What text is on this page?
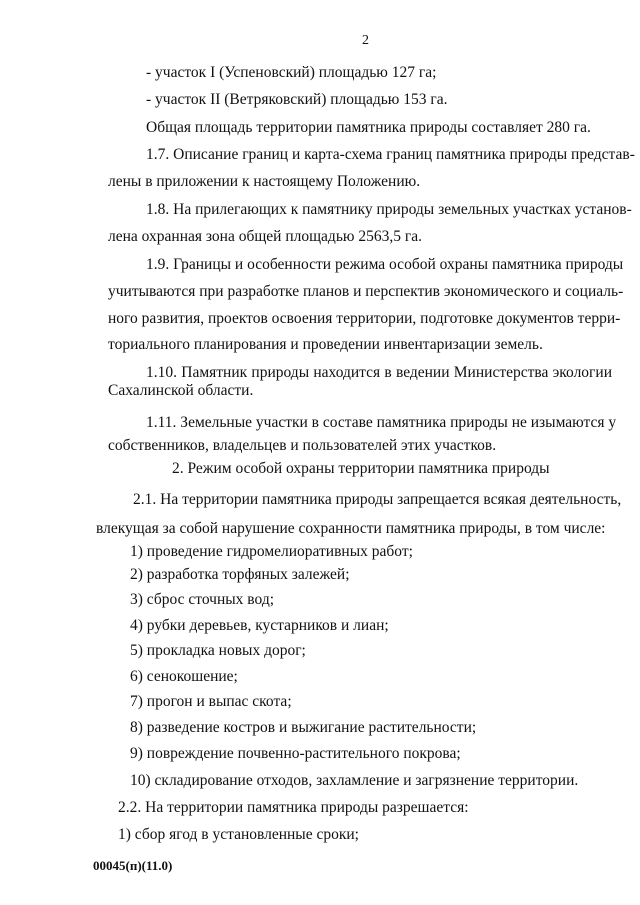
2
- участок I (Успеновский) площадью 127 га;
- участок II (Ветряковский) площадью 153 га.
Общая площадь территории памятника природы составляет 280 га.
1.7. Описание границ и карта-схема границ памятника природы представ-
лены в приложении к настоящему Положению.
1.8. На прилегающих к памятнику природы земельных участках установ-
лена охранная зона общей площадью 2563,5 га.
1.9. Границы и особенности режима особой охраны памятника природы
учитываются при разработке планов и перспектив экономического и социаль-
ного развития, проектов освоения территории, подготовке документов терри-
ториального планирования и проведении инвентаризации земель.
1.10. Памятник природы находится в ведении Министерства экологии
Сахалинской области.
1.11. Земельные участки в составе памятника природы не изымаются у
собственников, владельцев и пользователей этих участков.
2. Режим особой охраны территории памятника природы
2.1. На территории памятника природы запрещается всякая деятельность,
влекущая за собой нарушение сохранности памятника природы, в том числе:
1) проведение гидромелиоративных работ;
2) разработка торфяных залежей;
3) сброс сточных вод;
4) рубки деревьев, кустарников и лиан;
5) прокладка новых дорог;
6) сенокошение;
7) прогон и выпас скота;
8) разведение костров и выжигание растительности;
9) повреждение почвенно-растительного покрова;
10) складирование отходов, захламление и загрязнение территории.
2.2. На территории памятника природы разрешается:
1) сбор ягод в установленные сроки;
00045(п)(11.0)
